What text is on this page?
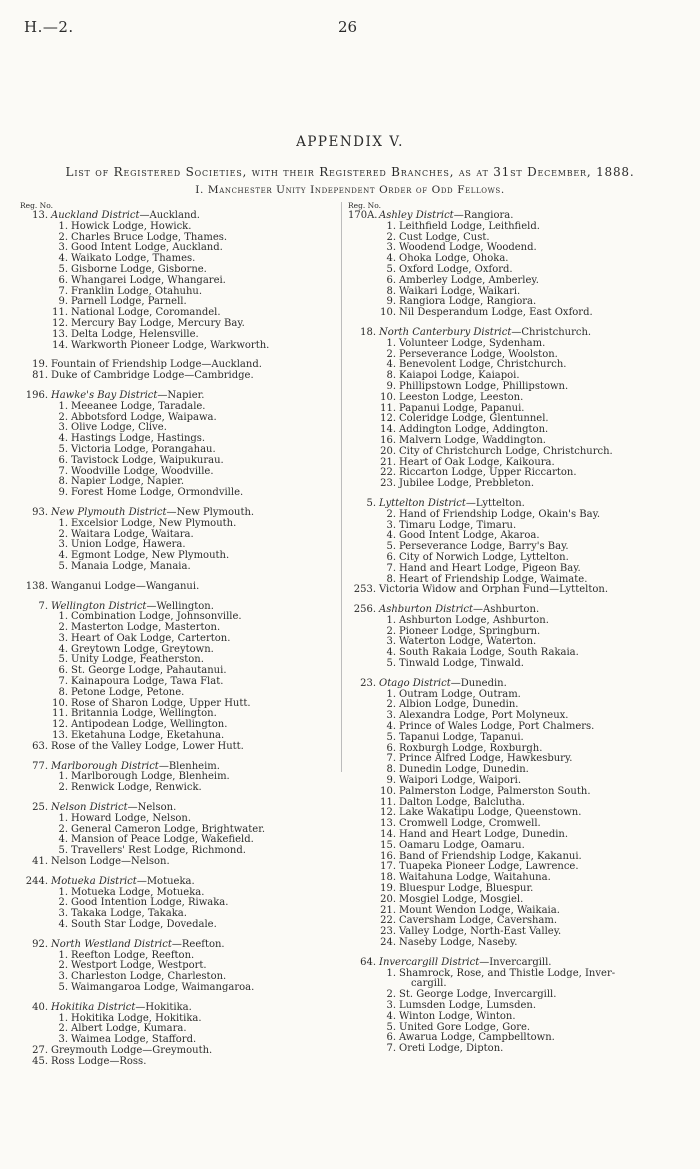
H.—2.	26
APPENDIX V.
List of Registered Societies, with their Registered Branches, as at 31st December, 1888.
I. Manchester Unity Independent Order of Odd Fellows.
Reg. No.
13. Auckland District—Auckland.
1. Howick Lodge, Howick.
2. Charles Bruce Lodge, Thames.
3. Good Intent Lodge, Auckland.
4. Waikato Lodge, Thames.
5. Gisborne Lodge, Gisborne.
6. Whangarei Lodge, Whangarei.
7. Franklin Lodge, Otahuhu.
9. Parnell Lodge, Parnell.
11. National Lodge, Coromandel.
12. Mercury Bay Lodge, Mercury Bay.
13. Delta Lodge, Helensville.
14. Warkworth Pioneer Lodge, Warkworth.
19. Fountain of Friendship Lodge—Auckland.
81. Duke of Cambridge Lodge—Cambridge.
196. Hawke's Bay District—Napier.
1. Meeanee Lodge, Taradale.
2. Abbotsford Lodge, Waipawa.
3. Olive Lodge, Clive.
4. Hastings Lodge, Hastings.
5. Victoria Lodge, Porangahau.
6. Tavistock Lodge, Waipukurau.
7. Woodville Lodge, Woodville.
8. Napier Lodge, Napier.
9. Forest Home Lodge, Ormondville.
93. New Plymouth District—New Plymouth.
1. Excelsior Lodge, New Plymouth.
2. Waitara Lodge, Waitara.
3. Union Lodge, Hawera.
4. Egmont Lodge, New Plymouth.
5. Manaia Lodge, Manaia.
138. Wanganui Lodge—Wanganui.
7. Wellington District—Wellington.
1. Combination Lodge, Johnsonville.
2. Masterton Lodge, Masterton.
3. Heart of Oak Lodge, Carterton.
4. Greytown Lodge, Greytown.
5. Unity Lodge, Featherston.
6. St. George Lodge, Pahautanui.
7. Kainapoura Lodge, Tawa Flat.
8. Petone Lodge, Petone.
10. Rose of Sharon Lodge, Upper Hutt.
11. Britannia Lodge, Wellington.
12. Antipodean Lodge, Wellington.
13. Eketahuna Lodge, Eketahuna.
63. Rose of the Valley Lodge, Lower Hutt.
77. Marlborough District—Blenheim.
1. Marlborough Lodge, Blenheim.
2. Renwick Lodge, Renwick.
25. Nelson District—Nelson.
1. Howard Lodge, Nelson.
2. General Cameron Lodge, Brightwater.
4. Mansion of Peace Lodge, Wakefield.
5. Travellers' Rest Lodge, Richmond.
41. Nelson Lodge—Nelson.
244. Motueka District—Motueka.
1. Motueka Lodge, Motueka.
2. Good Intention Lodge, Riwaka.
3. Takaka Lodge, Takaka.
4. South Star Lodge, Dovedale.
92. North Westland District—Reefton.
1. Reefton Lodge, Reefton.
2. Westport Lodge, Westport.
3. Charleston Lodge, Charleston.
5. Waimangaroa Lodge, Waimangaroa.
40. Hokitika District—Hokitika.
1. Hokitika Lodge, Hokitika.
2. Albert Lodge, Kumara.
3. Waimea Lodge, Stafford.
27. Greymouth Lodge—Greymouth.
45. Ross Lodge—Ross.
Reg. No.
170A. Ashley District—Rangiora.
1. Leithfield Lodge, Leithfield.
2. Cust Lodge, Cust.
3. Woodend Lodge, Woodend.
4. Ohoka Lodge, Ohoka.
5. Oxford Lodge, Oxford.
6. Amberley Lodge, Amberley.
8. Waikari Lodge, Waikari.
9. Rangiora Lodge, Rangiora.
10. Nil Desperandum Lodge, East Oxford.
18. North Canterbury District—Christchurch.
1. Volunteer Lodge, Sydenham.
2. Perseverance Lodge, Woolston.
4. Benevolent Lodge, Christchurch.
8. Kaiapoi Lodge, Kaiapoi.
9. Phillipstown Lodge, Phillipstown.
10. Leeston Lodge, Leeston.
11. Papanui Lodge, Papanui.
12. Coleridge Lodge, Glentunnel.
14. Addington Lodge, Addington.
16. Malvern Lodge, Waddington.
20. City of Christchurch Lodge, Christchurch.
21. Heart of Oak Lodge, Kaikoura.
22. Riccarton Lodge, Upper Riccarton.
23. Jubilee Lodge, Prebbleton.
5. Lyttelton District—Lyttelton.
2. Hand of Friendship Lodge, Okain's Bay.
3. Timaru Lodge, Timaru.
4. Good Intent Lodge, Akaroa.
5. Perseverance Lodge, Barry's Bay.
6. City of Norwich Lodge, Lyttelton.
7. Hand and Heart Lodge, Pigeon Bay.
8. Heart of Friendship Lodge, Waimate.
253. Victoria Widow and Orphan Fund—Lyttelton.
256. Ashburton District—Ashburton.
1. Ashburton Lodge, Ashburton.
2. Pioneer Lodge, Springburn.
3. Waterton Lodge, Waterton.
4. South Rakaia Lodge, South Rakaia.
5. Tinwald Lodge, Tinwald.
23. Otago District—Dunedin.
1. Outram Lodge, Outram.
2. Albion Lodge, Dunedin.
3. Alexandra Lodge, Port Molyneux.
4. Prince of Wales Lodge, Port Chalmers.
5. Tapanui Lodge, Tapanui.
6. Roxburgh Lodge, Roxburgh.
7. Prince Alfred Lodge, Hawkesbury.
8. Dunedin Lodge, Dunedin.
9. Waipori Lodge, Waipori.
10. Palmerston Lodge, Palmerston South.
11. Dalton Lodge, Balclutha.
12. Lake Wakatipu Lodge, Queenstown.
13. Cromwell Lodge, Cromwell.
14. Hand and Heart Lodge, Dunedin.
15. Oamaru Lodge, Oamaru.
16. Band of Friendship Lodge, Kakanui.
17. Tuapeka Pioneer Lodge, Lawrence.
18. Waitahuna Lodge, Waitahuna.
19. Bluespur Lodge, Bluespur.
20. Mosgiel Lodge, Mosgiel.
21. Mount Wendon Lodge, Waikaia.
22. Caversham Lodge, Caversham.
23. Valley Lodge, North-East Valley.
24. Naseby Lodge, Naseby.
64. Invercargill District—Invercargill.
1. Shamrock, Rose, and Thistle Lodge, Inver-
cargill.
2. St. George Lodge, Invercargill.
3. Lumsden Lodge, Lumsden.
4. Winton Lodge, Winton.
5. United Gore Lodge, Gore.
6. Awarua Lodge, Campbelltown.
7. Oreti Lodge, Dipton.
